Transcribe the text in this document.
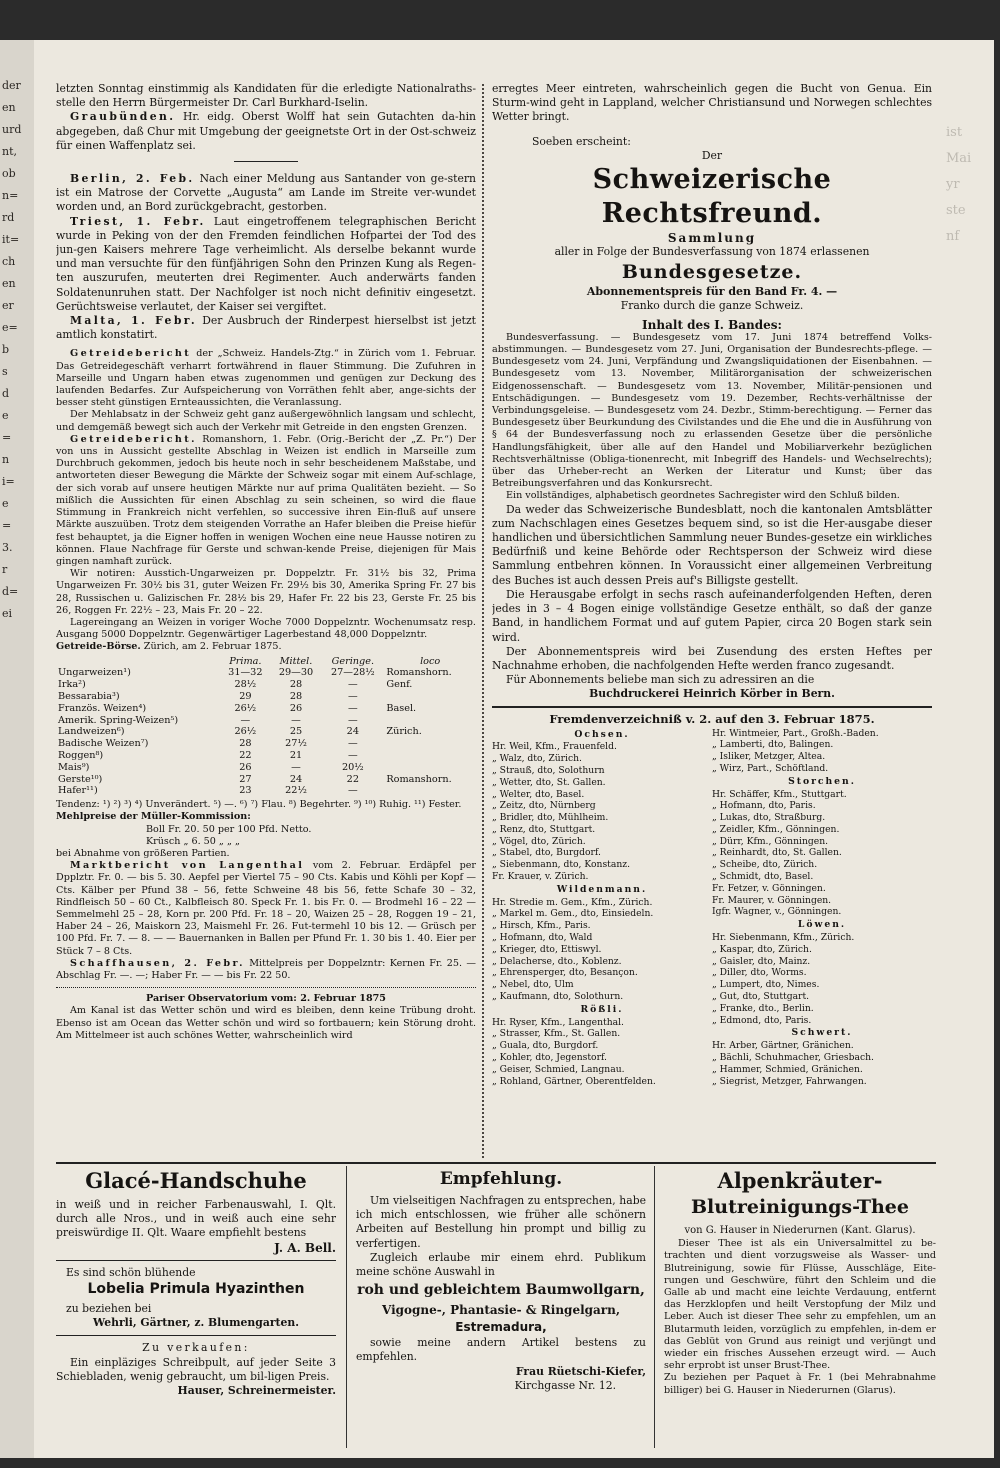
der
en
urd
nt,
ob
n=
rd
it=
ch
en
er
e=
b
s
d
e
=
n
i=
e
=
3.
r
d=
ei
ist
Mai
yr
ste
nf

letzten Sonntag einstimmig als Kandidaten für die erledigte Nationalraths-stelle den Herrn Bürgermeister Dr. Carl Burkhard-Iselin.

Graubünden. Hr. eidg. Oberst Wolff hat sein Gutachten da-hin abgegeben, daß Chur mit Umgebung der geeignetste Ort in der Ost-schweiz für einen Waffenplatz sei.

Berlin, 2. Feb. Nach einer Meldung aus Santander von ge-stern ist ein Matrose der Corvette „Augusta“ am Lande im Streite ver-wundet worden und, an Bord zurückgebracht, gestorben.

Triest, 1. Febr. Laut eingetroffenem telegraphischen Bericht wurde in Peking von der den Fremden feindlichen Hofpartei der Tod des jun-gen Kaisers mehrere Tage verheimlicht. Als derselbe bekannt wurde und man versuchte für den fünfjährigen Sohn den Prinzen Kung als Regen-ten auszurufen, meuterten drei Regimenter. Auch anderwärts fanden Soldatenunruhen statt. Der Nachfolger ist noch nicht definitiv eingesetzt. Gerüchtsweise verlautet, der Kaiser sei vergiftet.

Malta, 1. Febr. Der Ausbruch der Rinderpest hierselbst ist jetzt amtlich konstatirt.

Getreidebericht der „Schweiz. Handels-Ztg.“ in Zürich vom 1. Februar. Das Getreidegeschäft verharrt fortwährend in flauer Stimmung. Die Zufuhren in Marseille und Ungarn haben etwas zugenommen und genügen zur Deckung des laufenden Bedarfes. Zur Aufspeicherung von Vorräthen fehlt aber, ange-sichts der besser steht günstigen Ernteaussichten, die Veranlassung.

Der Mehlabsatz in der Schweiz geht ganz außergewöhnlich langsam und schlecht, und demgemäß bewegt sich auch der Verkehr mit Getreide in den engsten Grenzen.

Getreidebericht. Romanshorn, 1. Febr. (Orig.-Bericht der „Z. Pr.“) Der von uns in Aussicht gestellte Abschlag in Weizen ist endlich in Marseille zum Durchbruch gekommen, jedoch bis heute noch in sehr bescheidenem Maßstabe, und antworteten dieser Bewegung die Märkte der Schweiz sogar mit einem Auf-schlage, der sich vorab auf unsere heutigen Märkte nur auf prima Qualitäten bezieht. — So mißlich die Aussichten für einen Abschlag zu sein scheinen, so wird die flaue Stimmung in Frankreich nicht verfehlen, so successive ihren Ein-fluß auf unsere Märkte auszuüben. Trotz dem steigenden Vorrathe an Hafer bleiben die Preise hiefür fest behauptet, ja die Eigner hoffen in wenigen Wochen eine neue Hausse notiren zu können. Flaue Nachfrage für Gerste und schwan-kende Preise, diejenigen für Mais gingen namhaft zurück.

Wir notiren: Ausstich-Ungarweizen pr. Doppelztr. Fr. 31½ bis 32, Prima Ungarweizen Fr. 30½ bis 31, guter Weizen Fr. 29½ bis 30, Amerika Spring Fr. 27 bis 28, Russischen u. Galizischen Fr. 28½ bis 29, Hafer Fr. 22 bis 23, Gerste Fr. 25 bis 26, Roggen Fr. 22½ – 23, Mais Fr. 20 – 22.

Lagereingang an Weizen in voriger Woche 7000 Doppelzntr. Wochenumsatz resp. Ausgang 5000 Doppelzntr. Gegenwärtiger Lagerbestand 48,000 Doppelzntr.

Getreide-Börse. Zürich, am 2. Februar 1875.

	Prima.	Mittel.	Geringe.	loco
Ungarweizen¹)	31—32	29—30	27—28½	Romanshorn.
Irka²)	28½	28	—	Genf.
Bessarabia³)	29	28	—	
Französ. Weizen⁴)	26½	26	—	Basel.
Amerik. Spring-Weizen⁵)	—	—	—	
Landweizen⁶)	26½	25	24	Zürich.
Badische Weizen⁷)	28	27½	—	
Roggen⁸)	22	21	—	
Mais⁹)	26	—	20½	
Gerste¹⁰)	27	24	22	Romanshorn.
Hafer¹¹)	23	22½	—	

Tendenz: ¹) ²) ³) ⁴) Unverändert. ⁵) —. ⁶) ⁷) Flau. ⁸) Begehrter. ⁹) ¹⁰) Ruhig. ¹¹) Fester.

Mehlpreise der Müller-Kommission:

Boll Fr. 20. 50 per 100 Pfd. Netto.

Krüsch „ 6. 50 „ „ „

bei Abnahme von größeren Partien.

Marktbericht von Langenthal vom 2. Februar. Erdäpfel per Dpplztr. Fr. 0. — bis 5. 30. Aepfel per Viertel 75 – 90 Cts. Kabis und Köhli per Kopf — Cts. Kälber per Pfund 38 – 56, fette Schweine 48 bis 56, fette Schafe 30 – 32, Rindfleisch 50 – 60 Ct., Kalbfleisch 80. Speck Fr. 1. bis Fr. 0. — Brodmehl 16 – 22 — Semmelmehl 25 – 28, Korn pr. 200 Pfd. Fr. 18 – 20, Waizen 25 – 28, Roggen 19 – 21, Haber 24 – 26, Maiskorn 23, Maismehl Fr. 26. Fut-termehl 10 bis 12. — Grüsch per 100 Pfd. Fr. 7. — 8. — — Bauernanken in Ballen per Pfund Fr. 1. 30 bis 1. 40. Eier per Stück 7 – 8 Cts.

Schaffhausen, 2. Febr. Mittelpreis per Doppelzntr: Kernen Fr. 25. — Abschlag Fr. —. —; Haber Fr. — — bis Fr. 22 50.

Pariser Observatorium vom: 2. Februar 1875

Am Kanal ist das Wetter schön und wird es bleiben, denn keine Trübung droht. Ebenso ist am Ocean das Wetter schön und wird so fortbauern; kein Störung droht. Am Mittelmeer ist auch schönes Wetter, wahrscheinlich wird

erregtes Meer eintreten, wahrscheinlich gegen die Bucht von Genua. Ein Sturm-wind geht in Lappland, welcher Christiansund und Norwegen schlechtes Wetter bringt.

Soeben erscheint:

Der

Schweizerische Rechtsfreund.
Sammlung

aller in Folge der Bundesverfassung von 1874 erlassenen

Bundesgesetze.

Abonnementspreis für den Band Fr. 4. —

Franko durch die ganze Schweiz.

Inhalt des I. Bandes:

Bundesverfassung. — Bundesgesetz vom 17. Juni 1874 betreffend Volks-abstimmungen. — Bundesgesetz vom 27. Juni, Organisation der Bundesrechts-pflege. — Bundesgesetz vom 24. Juni, Verpfändung und Zwangsliquidationen der Eisenbahnen. — Bundesgesetz vom 13. November, Militärorganisation der schweizerischen Eidgenossenschaft. — Bundesgesetz vom 13. November, Militär-pensionen und Entschädigungen. — Bundesgesetz vom 19. Dezember, Rechts-verhältnisse der Verbindungsgeleise. — Bundesgesetz vom 24. Dezbr., Stimm-berechtigung. — Ferner das Bundesgesetz über Beurkundung des Civilstandes und die Ehe und die in Ausführung von § 64 der Bundesverfassung noch zu erlassenden Gesetze über die persönliche Handlungsfähigkeit, über alle auf den Handel und Mobiliarverkehr bezüglichen Rechtsverhältnisse (Obliga-tionenrecht, mit Inbegriff des Handels- und Wechselrechts); über das Urheber-recht an Werken der Literatur und Kunst; über das Betreibungsverfahren und das Konkursrecht.

Ein vollständiges, alphabetisch geordnetes Sachregister wird den Schluß bilden.

Da weder das Schweizerische Bundesblatt, noch die kantonalen Amtsblätter zum Nachschlagen eines Gesetzes bequem sind, so ist die Her-ausgabe dieser handlichen und übersichtlichen Sammlung neuer Bundes-gesetze ein wirkliches Bedürfniß und keine Behörde oder Rechtsperson der Schweiz wird diese Sammlung entbehren können. In Voraussicht einer allgemeinen Verbreitung des Buches ist auch dessen Preis auf's Billigste gestellt.

Die Herausgabe erfolgt in sechs rasch aufeinanderfolgenden Heften, deren jedes in 3 – 4 Bogen einige vollständige Gesetze enthält, so daß der ganze Band, in handlichem Format und auf gutem Papier, circa 20 Bogen stark sein wird.

Der Abonnementspreis wird bei Zusendung des ersten Heftes per Nachnahme erhoben, die nachfolgenden Hefte werden franco zugesandt.

Für Abonnements beliebe man sich zu adressiren an die

Buchdruckerei Heinrich Körber in Bern.

Fremdenverzeichniß v. 2. auf den 3. Februar 1875.
Ochsen.
Hr. Weil, Kfm., Frauenfeld.
„ Walz, dto, Zürich.
„ Strauß, dto, Solothurn
„ Wetter, dto, St. Gallen.
„ Welter, dto, Basel.
„ Zeitz, dto, Nürnberg
„ Bridler, dto, Mühlheim.
„ Renz, dto, Stuttgart.
„ Vögel, dto, Zürich.
„ Stabel, dto, Burgdorf.
„ Siebenmann, dto, Konstanz.
Fr. Krauer, v. Zürich.
Wildenmann.
Hr. Stredie m. Gem., Kfm., Zürich.
„ Markel m. Gem., dto, Einsiedeln.
„ Hirsch, Kfm., Paris.
„ Hofmann, dto, Wald
„ Krieger, dto, Ettiswyl.
„ Delacherse, dto., Koblenz.
„ Ehrensperger, dto, Besançon.
„ Nebel, dto, Ulm
„ Kaufmann, dto, Solothurn.
Rößli.
Hr. Ryser, Kfm., Langenthal.
„ Strasser, Kfm., St. Gallen.
„ Guala, dto, Burgdorf.
„ Kohler, dto, Jegenstorf.
„ Geiser, Schmied, Langnau.
„ Rohland, Gärtner, Oberentfelden.
Hr. Wintmeier, Part., Großh.-Baden.
„ Lamberti, dto, Balingen.
„ Isliker, Metzger, Altea.
„ Wirz, Part., Schöftland.
Storchen.
Hr. Schäffer, Kfm., Stuttgart.
„ Hofmann, dto, Paris.
„ Lukas, dto, Straßburg.
„ Zeidler, Kfm., Gönningen.
„ Dürr, Kfm., Gönningen.
„ Reinhardt, dto, St. Gallen.
„ Scheibe, dto, Zürich.
„ Schmidt, dto, Basel.
Fr. Fetzer, v. Gönningen.
Fr. Maurer, v. Gönningen.
Igfr. Wagner, v., Gönningen.
Löwen.
Hr. Siebenmann, Kfm., Zürich.
„ Kaspar, dto, Zürich.
„ Gaisler, dto, Mainz.
„ Diller, dto, Worms.
„ Lumpert, dto, Nimes.
„ Gut, dto, Stuttgart.
„ Franke, dto., Berlin.
„ Edmond, dto, Paris.
Schwert.
Hr. Arber, Gärtner, Gränichen.
„ Bächli, Schuhmacher, Griesbach.
„ Hammer, Schmied, Gränichen.
„ Siegrist, Metzger, Fahrwangen.
Glacé-Handschuhe

in weiß und in reicher Farbenauswahl, I. Qlt. durch alle Nros., und in weiß auch eine sehr preiswürdige II. Qlt. Waare empfiehlt bestens

J. A. Bell.

Es sind schön blühende

Lobelia Primula Hyazinthen

zu beziehen bei

Wehrli, Gärtner, z. Blumengarten.

Zu verkaufen:

Ein einpläziges Schreibpult, auf jeder Seite 3 Schiebladen, wenig gebraucht, um bil-ligen Preis.

Hauser, Schreinermeister.

Empfehlung.

Um vielseitigen Nachfragen zu entsprechen, habe ich mich entschlossen, wie früher alle schönern Arbeiten auf Bestellung hin prompt und billig zu verfertigen.

Zugleich erlaube mir einem ehrd. Publikum meine schöne Auswahl in

roh und gebleichtem Baumwollgarn,
Vigogne-, Phantasie- & Ringelgarn,
Estremadura,

sowie meine andern Artikel bestens zu empfehlen.

Frau Rüetschi-Kiefer,

Kirchgasse Nr. 12.

Alpenkräuter-
Blutreinigungs-Thee

von G. Hauser in Niederurnen (Kant. Glarus).

Dieser Thee ist als ein Universalmittel zu be-trachten und dient vorzugsweise als Wasser- und Blutreinigung, sowie für Flüsse, Ausschläge, Eite-rungen und Geschwüre, führt den Schleim und die Galle ab und macht eine leichte Verdauung, entfernt das Herzklopfen und heilt Verstopfung der Milz und Leber. Auch ist dieser Thee sehr zu empfehlen, um an Blutarmuth leiden, vorzüglich zu empfehlen, in-dem er das Geblüt von Grund aus reinigt und verjüngt und wieder ein frisches Aussehen erzeugt wird. — Auch sehr erprobt ist unser Brust-Thee.

Zu beziehen per Paquet à Fr. 1 (bei Mehrabnahme billiger) bei G. Hauser in Niederurnen (Glarus).
